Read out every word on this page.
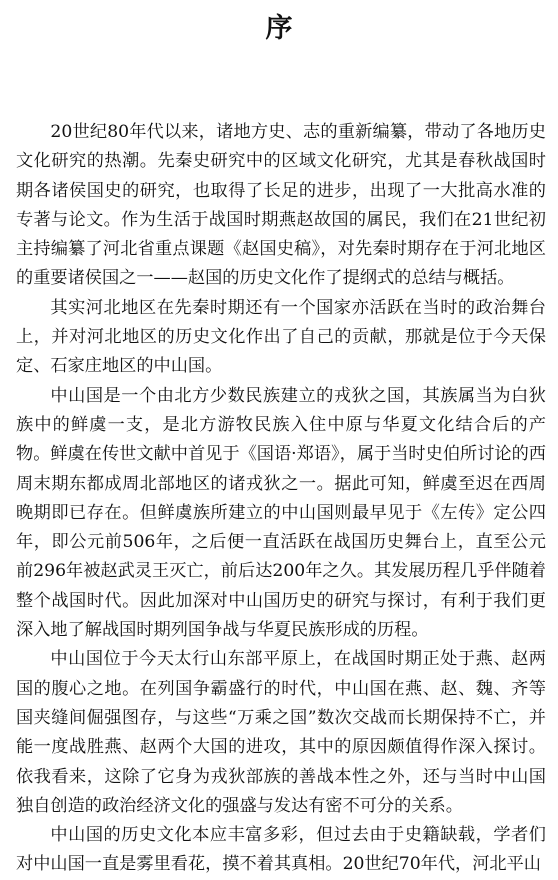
序

20世纪80年代以来，诸地方史、志的重新编纂，带动了各地历史文化研究的热潮。先秦史研究中的区域文化研究，尤其是春秋战国时期各诸侯国史的研究，也取得了长足的进步，出现了一大批高水准的专著与论文。作为生活于战国时期燕赵故国的属民，我们在21世纪初主持编纂了河北省重点课题《赵国史稿》，对先秦时期存在于河北地区的重要诸侯国之一——赵国的历史文化作了提纲式的总结与概括。

其实河北地区在先秦时期还有一个国家亦活跃在当时的政治舞台上，并对河北地区的历史文化作出了自己的贡献，那就是位于今天保定、石家庄地区的中山国。

中山国是一个由北方少数民族建立的戎狄之国，其族属当为白狄族中的鲜虞一支，是北方游牧民族入住中原与华夏文化结合后的产物。鲜虞在传世文献中首见于《国语·郑语》，属于当时史伯所讨论的西周末期东都成周北部地区的诸戎狄之一。据此可知，鲜虞至迟在西周晚期即已存在。但鲜虞族所建立的中山国则最早见于《左传》定公四年，即公元前506年，之后便一直活跃在战国历史舞台上，直至公元前296年被赵武灵王灭亡，前后达200年之久。其发展历程几乎伴随着整个战国时代。因此加深对中山国历史的研究与探讨，有利于我们更深入地了解战国时期列国争战与华夏民族形成的历程。

中山国位于今天太行山东部平原上，在战国时期正处于燕、赵两国的腹心之地。在列国争霸盛行的时代，中山国在燕、赵、魏、齐等国夹缝间倔强图存，与这些“万乘之国”数次交战而长期保持不亡，并能一度战胜燕、赵两个大国的进攻，其中的原因颇值得作深入探讨。依我看来，这除了它身为戎狄部族的善战本性之外，还与当时中山国独自创造的政治经济文化的强盛与发达有密不可分的关系。

中山国的历史文化本应丰富多彩，但过去由于史籍缺载，学者们对中山国一直是雾里看花，摸不着其真相。20世纪70年代，河北平山
